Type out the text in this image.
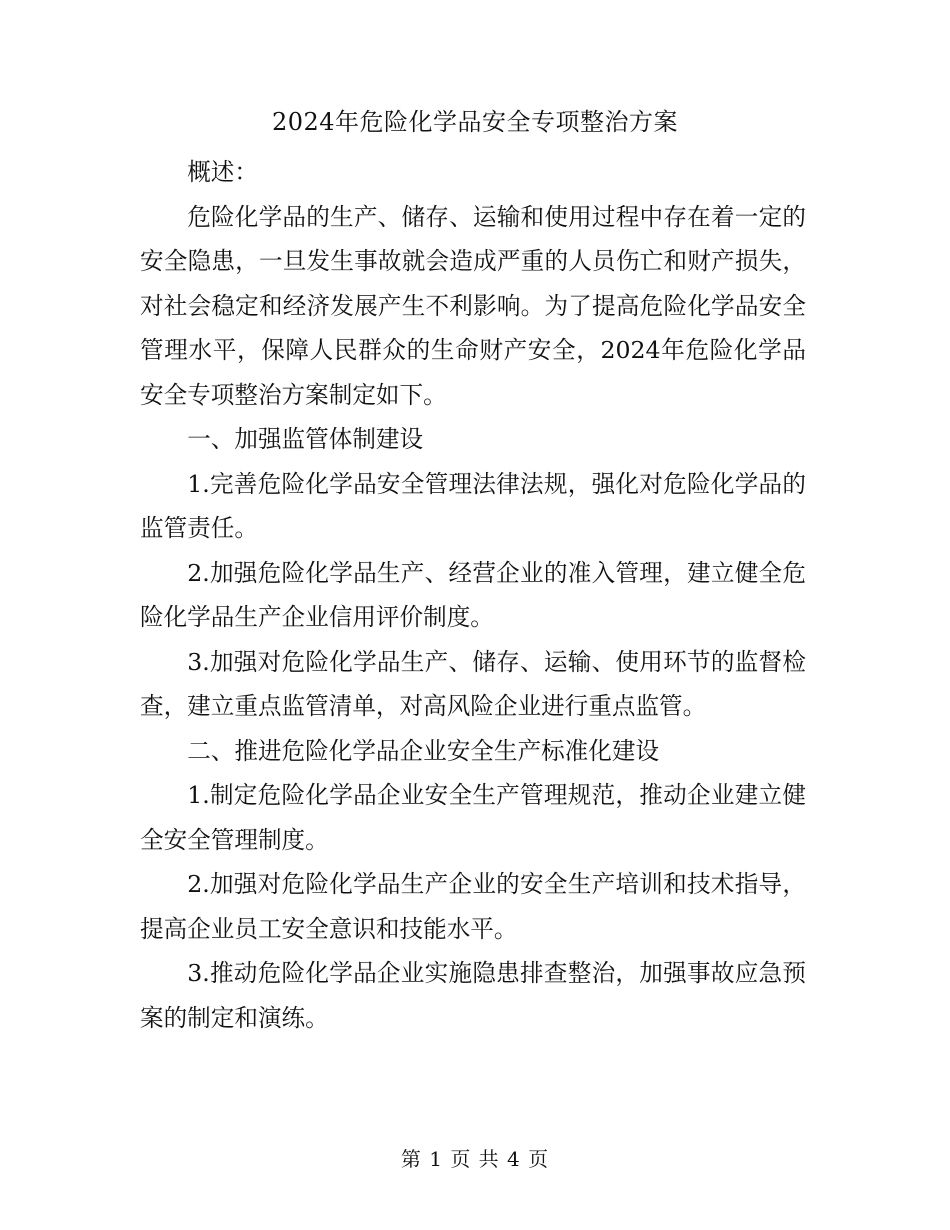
2024年危险化学品安全专项整治方案

概述：

危险化学品的生产、储存、运输和使用过程中存在着一定的安全隐患，一旦发生事故就会造成严重的人员伤亡和财产损失，对社会稳定和经济发展产生不利影响。为了提高危险化学品安全管理水平，保障人民群众的生命财产安全，2024年危险化学品安全专项整治方案制定如下。

一、加强监管体制建设

1.完善危险化学品安全管理法律法规，强化对危险化学品的监管责任。

2.加强危险化学品生产、经营企业的准入管理，建立健全危险化学品生产企业信用评价制度。

3.加强对危险化学品生产、储存、运输、使用环节的监督检查，建立重点监管清单，对高风险企业进行重点监管。

二、推进危险化学品企业安全生产标准化建设

1.制定危险化学品企业安全生产管理规范，推动企业建立健全安全管理制度。

2.加强对危险化学品生产企业的安全生产培训和技术指导，提高企业员工安全意识和技能水平。

3.推动危险化学品企业实施隐患排查整治，加强事故应急预案的制定和演练。

第 1 页 共 4 页
